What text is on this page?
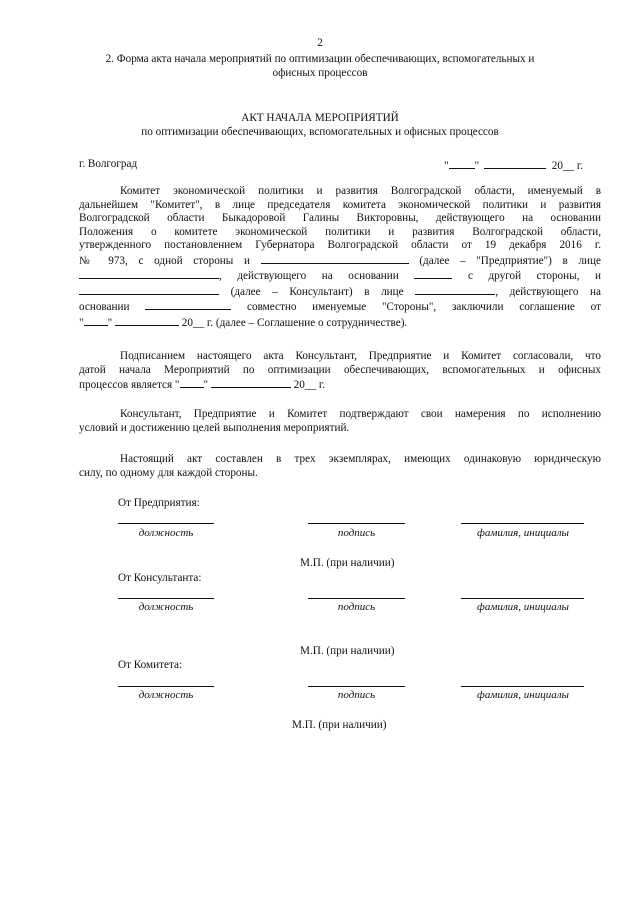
2
2. Форма акта начала мероприятий по оптимизации обеспечивающих, вспомогательных и
офисных процессов
АКТ НАЧАЛА МЕРОПРИЯТИЙ
по оптимизации обеспечивающих, вспомогательных и офисных процессов
г. Волгоград	" "	20__ г.
Комитет экономической политики и развития Волгоградской области, именуемый в
дальнейшем "Комитет", в лице председателя комитета экономической политики и развития
Волгоградской области Быкадоровой Галины Викторовны, действующего на основании
Положения о комитете экономической политики и развития Волгоградской области,
утвержденного постановлением Губернатора Волгоградской области от 19 декабря 2016 г.
№ 973, с одной стороны и	(далее – "Предприятие") в лице
, действующего на основании	с другой стороны, и
(далее – Консультант) в лице	, действующего на
основании	совместно именуемые "Стороны", заключили соглашение от
" "	20__ г. (далее – Соглашение о сотрудничестве).
Подписанием настоящего акта Консультант, Предприятие и Комитет согласовали, что
датой начала Мероприятий по оптимизации обеспечивающих, вспомогательных и офисных
процессов является " "	20__ г.
Консультант, Предприятие и Комитет подтверждают свои намерения по исполнению
условий и достижению целей выполнения мероприятий.
Настоящий акт составлен в трех экземплярах, имеющих одинаковую юридическую
силу, по одному для каждой стороны.
От Предприятия:
должность	подпись	фамилия, инициалы
М.П. (при наличии)
От Консультанта:
должность	подпись	фамилия, инициалы
М.П. (при наличии)
От Комитета:
должность	подпись	фамилия, инициалы
М.П. (при наличии)
